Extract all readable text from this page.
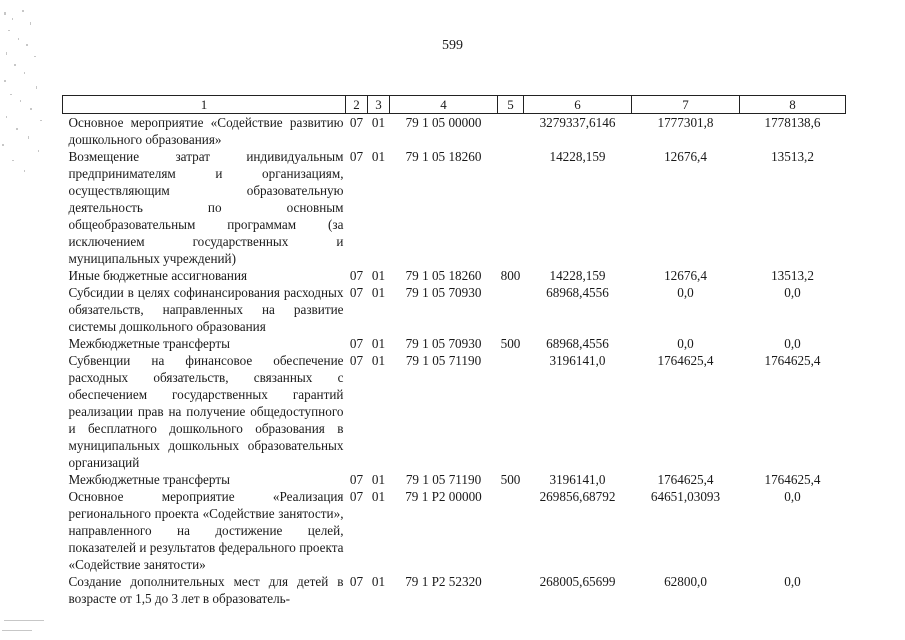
599
1	2	3	4	5	6	7	8
Основное мероприятие «Содействие развитию дошкольного образования»	07	01	79 1 05 00000		3279337,6146	1777301,8	1778138,6
Возмещение затрат индивидуальным предпринимателям и организациям, осуществляющим образовательную деятельность по основным общеобразовательным программам (за исключением государственных и муниципальных учреждений)	07	01	79 1 05 18260		14228,159	12676,4	13513,2
Иные бюджетные ассигнования	07	01	79 1 05 18260	800	14228,159	12676,4	13513,2
Субсидии в целях софинансирования расходных обязательств, направленных на развитие системы дошкольного образования	07	01	79 1 05 70930		68968,4556	0,0	0,0
Межбюджетные трансферты	07	01	79 1 05 70930	500	68968,4556	0,0	0,0
Субвенции на финансовое обеспечение расходных обязательств, связанных с обеспечением государственных гарантий реализации прав на получение общедоступного и бесплатного дошкольного образования в муниципальных дошкольных образовательных организаций	07	01	79 1 05 71190		3196141,0	1764625,4	1764625,4
Межбюджетные трансферты	07	01	79 1 05 71190	500	3196141,0	1764625,4	1764625,4
Основное мероприятие «Реализация регионального проекта «Содействие занятости», направленного на достижение целей, показателей и результатов федерального проекта «Содействие занятости»	07	01	79 1 P2 00000		269856,68792	64651,03093	0,0
Создание дополнительных мест для детей в возрасте от 1,5 до 3 лет в образователь-	07	01	79 1 P2 52320		268005,65699	62800,0	0,0
